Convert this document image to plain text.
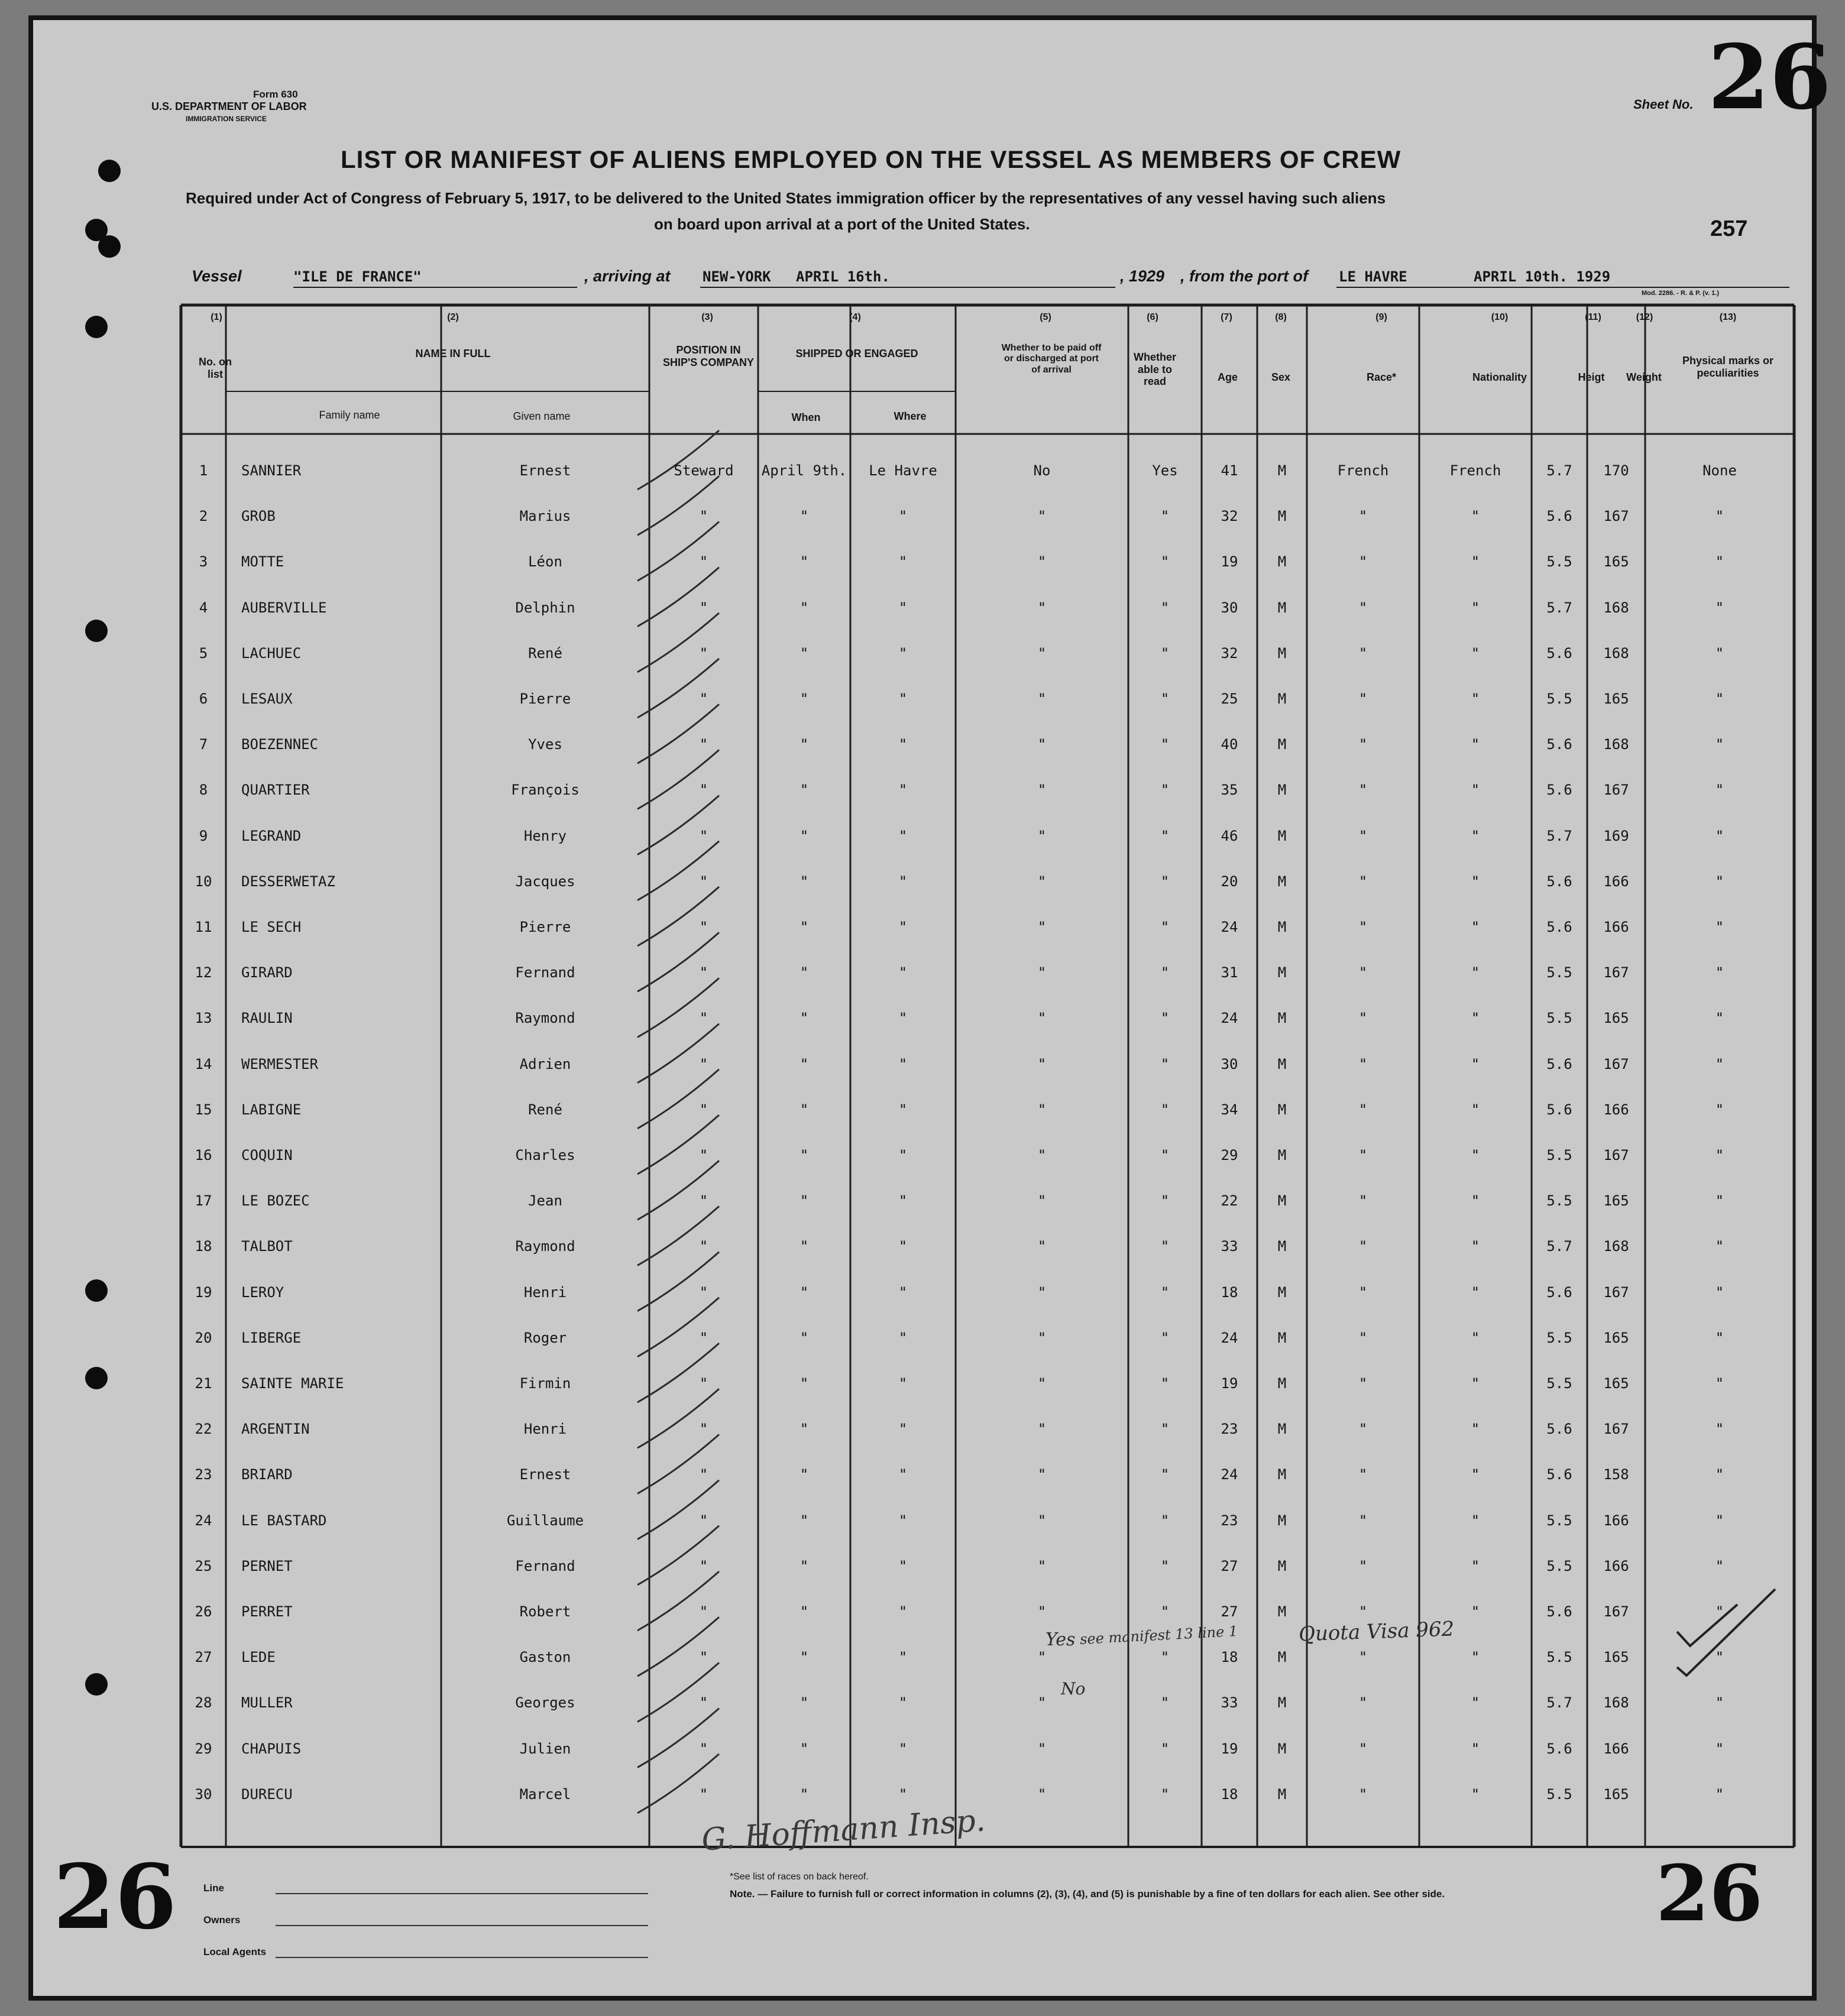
Form 630
U.S. DEPARTMENT OF LABOR
IMMIGRATION SERVICE
Sheet No. 26
257
LIST OR MANIFEST OF ALIENS EMPLOYED ON THE VESSEL AS MEMBERS OF CREW
Required under Act of Congress of February 5, 1917, to be delivered to the United States immigration officer by the representatives of any vessel having such aliens
on board upon arrival at a port of the United States.
Vessel	"ILE DE FRANCE"	, arriving at NEW-YORK APRIL 16th.	, 1929 , from the port of LE HAVRE	APRIL 10th. 1929
Mod. 2286. - R. & P. (v. 1.)
(1)
No. on list
(2)
NAME IN FULL
Family name	Given name
(3)
POSITION IN SHIP'S COMPANY
(4)
SHIPPED OR ENGAGED
When	Where
(5)
Whether to be paid off or discharged at port of arrival
(6)
Whether able to read
(7)
Age
(8)
Sex
(9)
Race*
(10)
Nationality
(11)
Heigt
(12)
Weight
(13)
Physical marks or peculiarities
1	SANNIER	Ernest	Steward	April 9th.	Le Havre	No	Yes	41	M	French	French	5.7	170	None
2	GROB	Marius	"	"	"	"	"	32	M	"	"	5.6	167	"
3	MOTTE	Léon	"	"	"	"	"	19	M	"	"	5.5	165	"
4	AUBERVILLE	Delphin	"	"	"	"	"	30	M	"	"	5.7	168	"
5	LACHUEC	René	"	"	"	"	"	32	M	"	"	5.6	168	"
6	LESAUX	Pierre	"	"	"	"	"	25	M	"	"	5.5	165	"
7	BOEZENNEC	Yves	"	"	"	"	"	40	M	"	"	5.6	168	"
8	QUARTIER	François	"	"	"	"	"	35	M	"	"	5.6	167	"
9	LEGRAND	Henry	"	"	"	"	"	46	M	"	"	5.7	169	"
10	DESSERWETAZ	Jacques	"	"	"	"	"	20	M	"	"	5.6	166	"
11	LE SECH	Pierre	"	"	"	"	"	24	M	"	"	5.6	166	"
12	GIRARD	Fernand	"	"	"	"	"	31	M	"	"	5.5	167	"
13	RAULIN	Raymond	"	"	"	"	"	24	M	"	"	5.5	165	"
14	WERMESTER	Adrien	"	"	"	"	"	30	M	"	"	5.6	167	"
15	LABIGNE	René	"	"	"	"	"	34	M	"	"	5.6	166	"
16	COQUIN	Charles	"	"	"	"	"	29	M	"	"	5.5	167	"
17	LE BOZEC	Jean	"	"	"	"	"	22	M	"	"	5.5	165	"
18	TALBOT	Raymond	"	"	"	"	"	33	M	"	"	5.7	168	"
19	LEROY	Henri	"	"	"	"	"	18	M	"	"	5.6	167	"
20	LIBERGE	Roger	"	"	"	"	"	24	M	"	"	5.5	165	"
21	SAINTE MARIE	Firmin	"	"	"	"	"	19	M	"	"	5.5	165	"
22	ARGENTIN	Henri	"	"	"	"	"	23	M	"	"	5.6	167	"
23	BRIARD	Ernest	"	"	"	"	"	24	M	"	"	5.6	158	"
24	LE BASTARD	Guillaume	"	"	"	"	"	23	M	"	"	5.5	166	"
25	PERNET	Fernand	"	"	"	"	"	27	M	"	"	5.5	166	"
26	PERRET	Robert	"	"	"	"	"	27	M	"	"	5.6	167	"
27	LEDE	Gaston	"	"	"	"	"	18	M	"	"	5.5	165	"
28	MULLER	Georges	"	"	"	"	"	33	M	"	"	5.7	168	"
29	CHAPUIS	Julien	"	"	"	"	"	19	M	"	"	5.6	166	"
30	DURECU	Marcel	"	"	"	"	"	18	M	"	"	5.5	165	"
Yes see manifest 13 line 1	Quota Visa 962
No
G. Hoffmann Insp.
26	26
Line
Owners
Local Agents
*See list of races on back hereof.
Note. — Failure to furnish full or correct information in columns (2), (3), (4), and (5) is punishable by a fine of ten dollars for each alien. See other side.
